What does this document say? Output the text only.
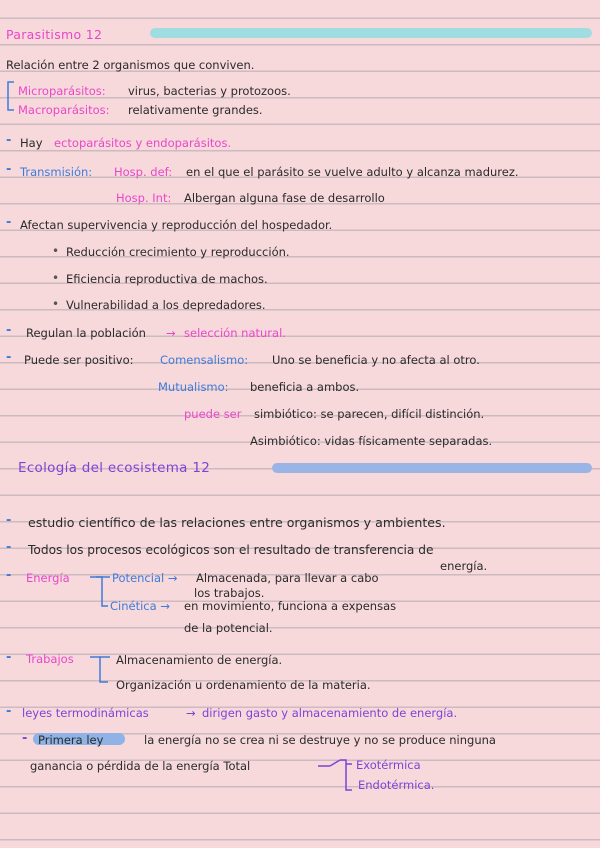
Parasitismo 12
Relación entre 2 organismos que conviven.
Microparásitos: virus, bacterias y protozoos.
Macroparásitos: relativamente grandes.
- Hay ectoparásitos y endoparásitos.
- Transmisión: Hosp. def: en el que el parásito se vuelve adulto y alcanza madurez.
Hosp. Int: Albergan alguna fase de desarrollo
- Afectan supervivencia y reproducción del hospedador.
• Reducción crecimiento y reproducción.
• Eficiencia reproductiva de machos.
• Vulnerabilidad a los depredadores.
- Regulan la población → selección natural.
- Puede ser positivo: Comensalismo: Uno se beneficia y no afecta al otro.
Mutualismo: beneficia a ambos.
puede ser simbiótico: se parecen, difícil distinción.
Asimbiótico: vidas físicamente separadas.
Ecología del ecosistema 12
- estudio científico de las relaciones entre organismos y ambientes.
- Todos los procesos ecológicos son el resultado de transferencia de
energía.
- Energía	Potencial → Almacenada, para llevar a cabo
los trabajos.
Cinética → en movimiento, funciona a expensas
de la potencial.
- Trabajos	Almacenamiento de energía.
Organización u ordenamiento de la materia.
- leyes termodinámicas	→ dirigen gasto y almacenamiento de energía.
- Primera ley	la energía no se crea ni se destruye y no se produce ninguna
ganancia o pérdida de la energía Total	Exotérmica
Endotérmica.
